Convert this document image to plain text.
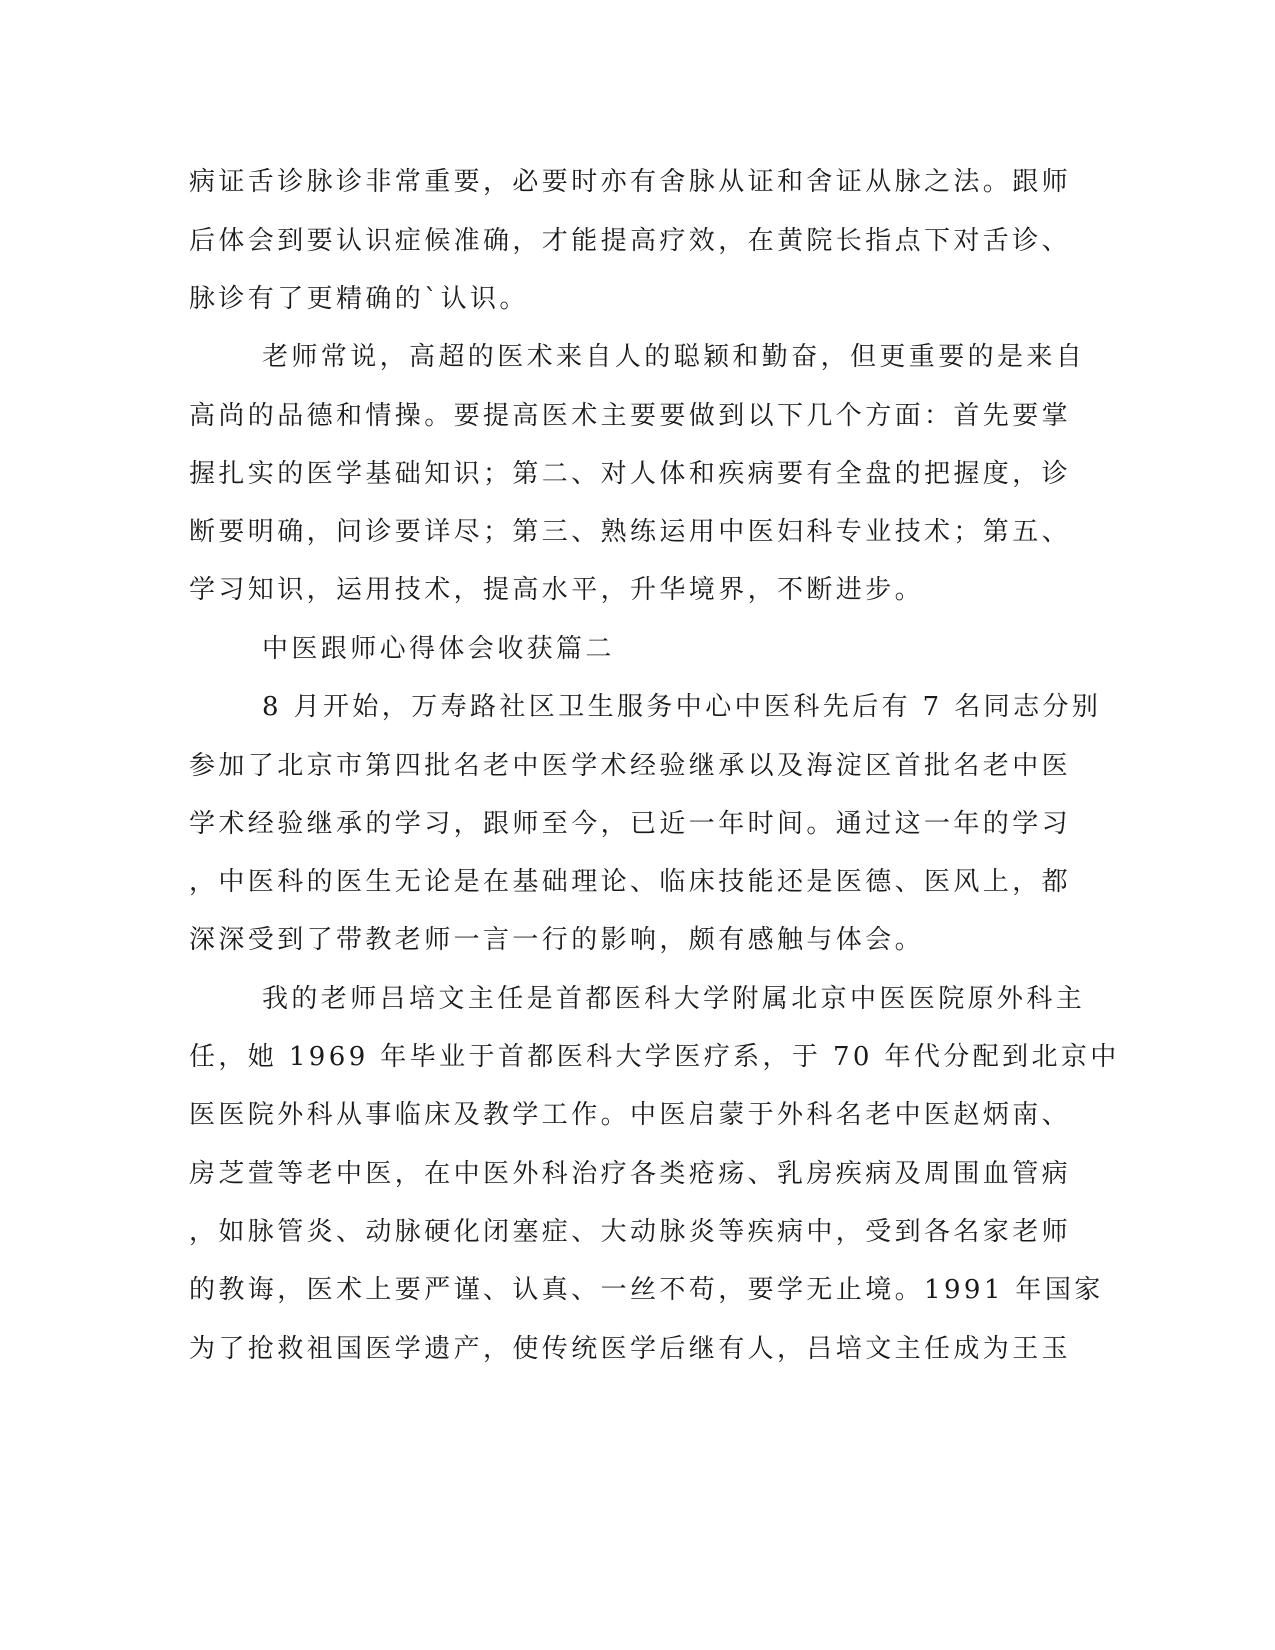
病证舌诊脉诊非常重要，必要时亦有舍脉从证和舍证从脉之法。跟师
后体会到要认识症候准确，才能提高疗效，在黄院长指点下对舌诊、
脉诊有了更精确的`认识。
老师常说，高超的医术来自人的聪颖和勤奋，但更重要的是来自
高尚的品德和情操。要提高医术主要要做到以下几个方面：首先要掌
握扎实的医学基础知识；第二、对人体和疾病要有全盘的把握度，诊
断要明确，问诊要详尽；第三、熟练运用中医妇科专业技术；第五、
学习知识，运用技术，提高水平，升华境界，不断进步。
中医跟师心得体会收获篇二
8 月开始，万寿路社区卫生服务中心中医科先后有 7 名同志分别
参加了北京市第四批名老中医学术经验继承以及海淀区首批名老中医
学术经验继承的学习，跟师至今，已近一年时间。通过这一年的学习
，中医科的医生无论是在基础理论、临床技能还是医德、医风上，都
深深受到了带教老师一言一行的影响，颇有感触与体会。
我的老师吕培文主任是首都医科大学附属北京中医医院原外科主
任，她 1969 年毕业于首都医科大学医疗系，于 70 年代分配到北京中
医医院外科从事临床及教学工作。中医启蒙于外科名老中医赵炳南、
房芝萱等老中医，在中医外科治疗各类疮疡、乳房疾病及周围血管病
，如脉管炎、动脉硬化闭塞症、大动脉炎等疾病中，受到各名家老师
的教诲，医术上要严谨、认真、一丝不苟，要学无止境。1991 年国家
为了抢救祖国医学遗产，使传统医学后继有人，吕培文主任成为王玉
